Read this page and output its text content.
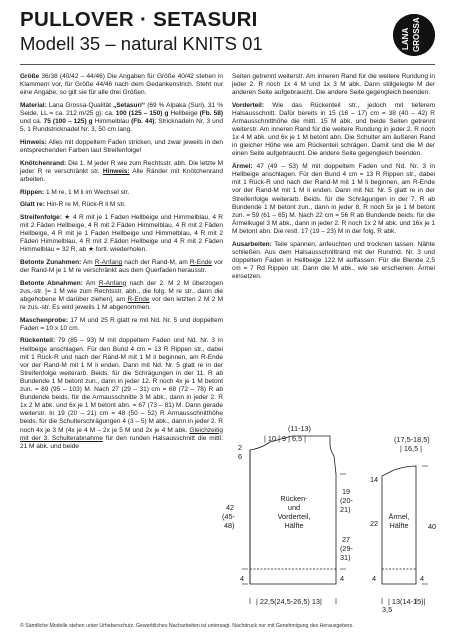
PULLOVER · SETASURI
Modell 35 – natural KNITS 01	LANA GROSSA

Größe 36/38 (40/42 – 44/46) Die Angaben für Größe 40/42 stehen in Klammern vor, für Größe 44/46 nach dem Gedankenstrich. Steht nur eine Angabe, so gilt sie für alle drei Größen.

Material: Lana Grossa-Qualität „Setasuri“ (69 % Alpaka (Suri), 31 % Seide, LL = ca. 212 m/25 g): ca. 100 (125 – 150) g Hellbeige (Fb. 58) und ca. 75 (100 – 125) g Himmelblau (Fb. 44); Stricknadeln Nr. 3 und 5, 1 Rundstricknadel Nr. 3, 50 cm lang.

Hinweis: Alles mit doppeltem Faden stricken, und zwar jeweils in den entsprechenden Farben laut Streifenfolge!

Knötchenrand: Die 1. M jeder R wie zum Rechtsstr. abh. Die letzte M jeder R re verschränkt str. Hinweis: Alle Ränder mit Knötchenrand arbeiten.

Rippen: 1 M re, 1 M li im Wechsel str.

Glatt re: Hin-R re M, Rück-R li M str.

Streifenfolge: ★ 4 R mit je 1 Faden Hellbeige und Himmelblau, 4 R mit 2 Fäden Hellbeige, 4 R mit 2 Fäden Himmelblau, 4 R mit 2 Fäden Hellbeige, 4 R mit je 1 Faden Hellbeige und Himmelblau, 4 R mit 2 Fäden Himmelblau, 4 R mit 2 Fäden Hellbeige und 4 R mit 2 Fäden Himmelblau = 32 R, ab ★ fortl. wiederholen.

Betonte Zunahmen: Am R-Anfang nach der Rand-M, am R-Ende vor der Rand-M je 1 M re verschränkt aus dem Querfaden herausstr.

Betonte Abnahmen: Am R-Anfang nach der 2. M 2 M überzogen zus.-str. [= 1 M wie zum Rechtsstr. abh., die folg. M re str., dann die abgehobene M darüber ziehen], am R-Ende vor den letzten 2 M 2 M re zus.-str. Es wird jeweils 1 M abgenommen.

Maschenprobe: 17 M und 25 R glatt re mit Nd. Nr. 5 und doppeltem Faden = 10 x 10 cm.

Rückenteil: 79 (85 – 93) M mit doppeltem Faden und Nd. Nr. 3 in Hellbeige anschlagen. Für den Bund 4 cm = 13 R Rippen str., dabei mit 1 Rück-R und nach der Rand-M mit 1 M li beginnen, am R-Ende vor der Rand-M mit 1 M li enden. Dann mit Nd. Nr. 5 glatt re in der Streifenfolge weiterarb. Beids. für die Schrägungen in der 11. R ab Bundende 1 M betont zun., dann in jeder 12. R noch 4x je 1 M betont zun. = 89 (95 – 103) M. Nach 27 (29 – 31) cm = 68 (72 – 78) R ab Bundende beids. für die Armausschnitte 3 M abk., dann in jeder 2. R 1x 2 M abk. und 6x je 1 M betont abn. = 67 (73 – 81) M. Dann gerade weiterstr. In 19 (20 – 21) cm = 48 (50 – 52) R Armausschnitthöhe beids. für die Schulterschrägungen 4 (3 – 5) M abk., dann in jeder 2. R noch 4x je 3 M (4x je 4 M – 2x je 5 M und 2x je 4 M abk. Gleichzeitig mit der 3. Schulterabnahme für den runden Halsausschnitt die mittl. 21 M abk. und beide

Seiten getrennt weiterstr. Am inneren Rand für die weitere Rundung in jeder 2. R noch 1x 4 M und 1x 3 M abk. Dann stillgelegte M der anderen Seite aufgebraucht. Die andere Seite gegengleich beenden.

Vorderteil: Wie das Rückenteil str., jedoch mit tieferem Halsausschnitt. Dafür bereits in 15 (16 – 17) cm = 38 (40 – 42) R Armausschnitthöhe die mittl. 15 M abk. und beide Seiten getrennt weiterstr. Am inneren Rand für die weitere Rundung in jeder 2. R noch 1x 4 M abk. und 6x je 1 M betont abn. Die Schulter am äußeren Rand in gleicher Höhe wie am Rückenteil schrägen. Damit sind die M der einen Seite aufgebraucht. Die andere Seite gegengleich beenden.

Ärmel: 47 (49 – 53) M mit doppeltem Faden und Nd. Nr. 3 in Hellbeige anschlagen. Für den Bund 4 cm = 13 R Rippen str., dabei mit 1 Rück-R und nach der Rand-M mit 1 M li beginnen, am R-Ende vor der Rand-M mit 1 M li enden. Dann mit Nd. Nr. 5 glatt re in der Streifenfolge weiterarb. Beids. für die Schrägungen in der 7. R ab Bundende 1 M betont zun., dann in jeder 8. R noch 5x je 1 M betont zun. = 59 (61 – 65) M. Nach 22 cm = 56 R ab Bundende beids. für die Ärmelkugel 3 M abk., dann in jeder 2. R noch 1x 2 M abk. und 16x je 1 M betont abn. Die restl. 17 (19 – 23) M in der folg. R abk.

Ausarbeiten: Teile spannen, anfeuchten und trocknen lassen. Nähte schließen. Aus dem Halsausschnittrand mit der Rundnd. Nr. 3 und doppeltem Faden in Hellbeige 122 M auffassen. Für die Blende 2,5 cm = 7 Rd Rippen str. Dann die M abk., wie sie erscheinen. Ärmel einsetzen.

(11-13)
| 10 | 9 | 6,5 |
2
6
19
(20-
21)
27
(29-
31)
42
(45-
48)
4	4
| 22,5(24,5-26,5) 13|
Rücken-
und
Vorderteil,
Hälfte
(17,5-18,5)
| 16,5 |
14
40
22
4	4
| 13(14-15)|
3,5
Ärmel,
Hälfte
© Sämtliche Modelle stehen unter Urheberschutz. Gewerbliches Nacharbeiten ist untersagt. Nachdruck nur mit Genehmigung des Herausgebers.
